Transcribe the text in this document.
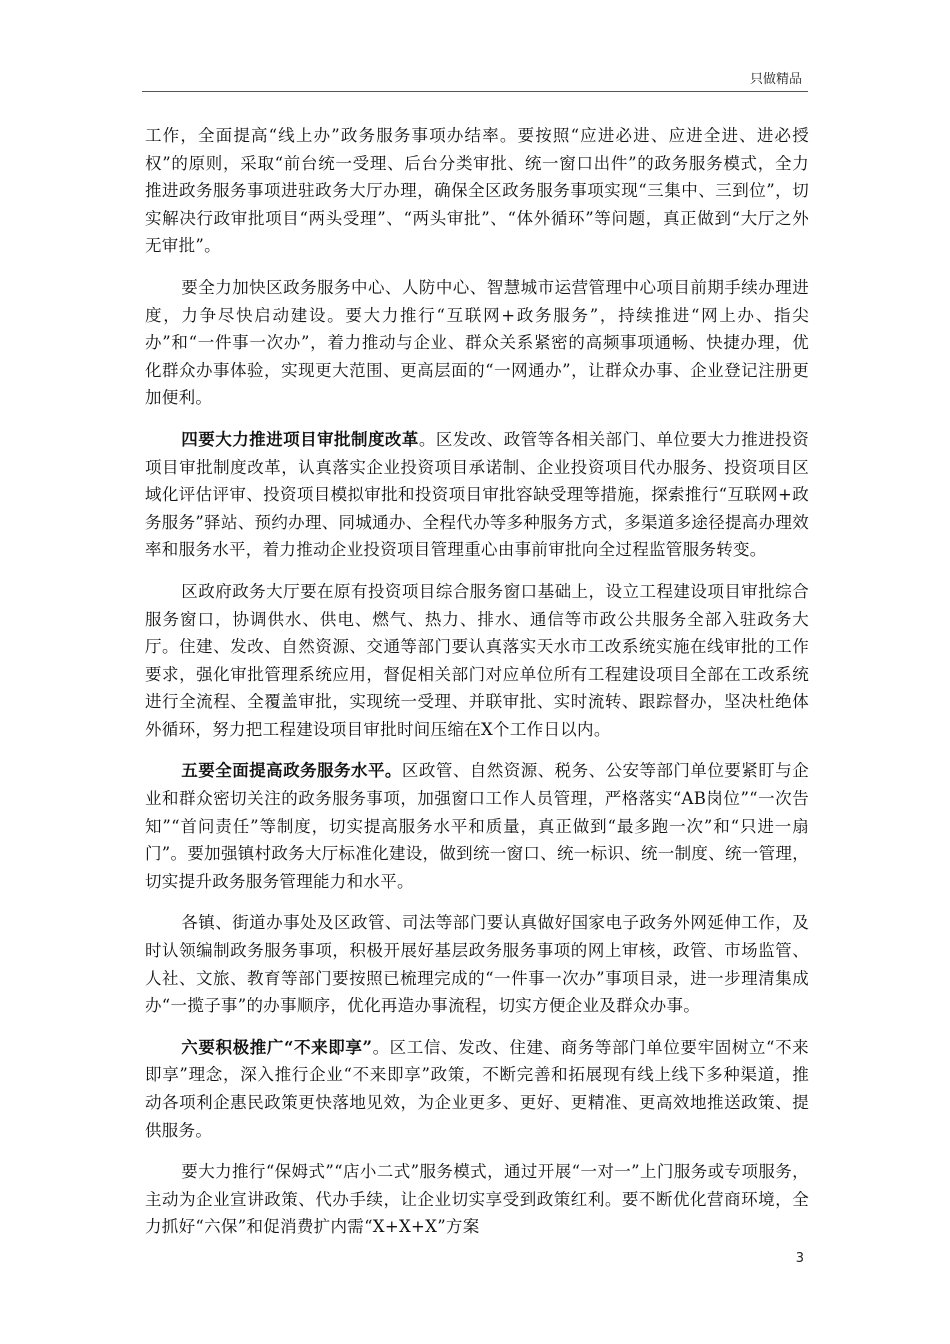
只做精品

工作，全面提高“线上办”政务服务事项办结率。要按照“应进必进、应进全进、进必授权”的原则，采取“前台统一受理、后台分类审批、统一窗口出件”的政务服务模式，全力推进政务服务事项进驻政务大厅办理，确保全区政务服务事项实现“三集中、三到位”，切实解决行政审批项目“两头受理”、“两头审批”、“体外循环”等问题，真正做到“大厅之外无审批”。

要全力加快区政务服务中心、人防中心、智慧城市运营管理中心项目前期手续办理进度，力争尽快启动建设。要大力推行“互联网+政务服务”，持续推进“网上办、指尖办”和“一件事一次办”，着力推动与企业、群众关系紧密的高频事项通畅、快捷办理，优化群众办事体验，实现更大范围、更高层面的“一网通办”，让群众办事、企业登记注册更加便利。

四要大力推进项目审批制度改革。区发改、政管等各相关部门、单位要大力推进投资项目审批制度改革，认真落实企业投资项目承诺制、企业投资项目代办服务、投资项目区域化评估评审、投资项目模拟审批和投资项目审批容缺受理等措施，探索推行“互联网+政务服务”驿站、预约办理、同城通办、全程代办等多种服务方式，多渠道多途径提高办理效率和服务水平，着力推动企业投资项目管理重心由事前审批向全过程监管服务转变。

区政府政务大厅要在原有投资项目综合服务窗口基础上，设立工程建设项目审批综合服务窗口，协调供水、供电、燃气、热力、排水、通信等市政公共服务全部入驻政务大厅。住建、发改、自然资源、交通等部门要认真落实天水市工改系统实施在线审批的工作要求，强化审批管理系统应用，督促相关部门对应单位所有工程建设项目全部在工改系统进行全流程、全覆盖审批，实现统一受理、并联审批、实时流转、跟踪督办，坚决杜绝体外循环，努力把工程建设项目审批时间压缩在X个工作日以内。

五要全面提高政务服务水平。区政管、自然资源、税务、公安等部门单位要紧盯与企业和群众密切关注的政务服务事项，加强窗口工作人员管理，严格落实“AB岗位”“一次告知”“首问责任”等制度，切实提高服务水平和质量，真正做到“最多跑一次”和“只进一扇门”。要加强镇村政务大厅标准化建设，做到统一窗口、统一标识、统一制度、统一管理，切实提升政务服务管理能力和水平。

各镇、街道办事处及区政管、司法等部门要认真做好国家电子政务外网延伸工作，及时认领编制政务服务事项，积极开展好基层政务服务事项的网上审核，政管、市场监管、人社、文旅、教育等部门要按照已梳理完成的“一件事一次办”事项目录，进一步理清集成办“一揽子事”的办事顺序，优化再造办事流程，切实方便企业及群众办事。

六要积极推广“不来即享”。区工信、发改、住建、商务等部门单位要牢固树立“不来即享”理念，深入推行企业“不来即享”政策，不断完善和拓展现有线上线下多种渠道，推动各项利企惠民政策更快落地见效，为企业更多、更好、更精准、更高效地推送政策、提供服务。

要大力推行“保姆式”“店小二式”服务模式，通过开展“一对一”上门服务或专项服务，主动为企业宣讲政策、代办手续，让企业切实享受到政策红利。要不断优化营商环境，全力抓好“六保”和促消费扩内需“X+X+X”方案

3
